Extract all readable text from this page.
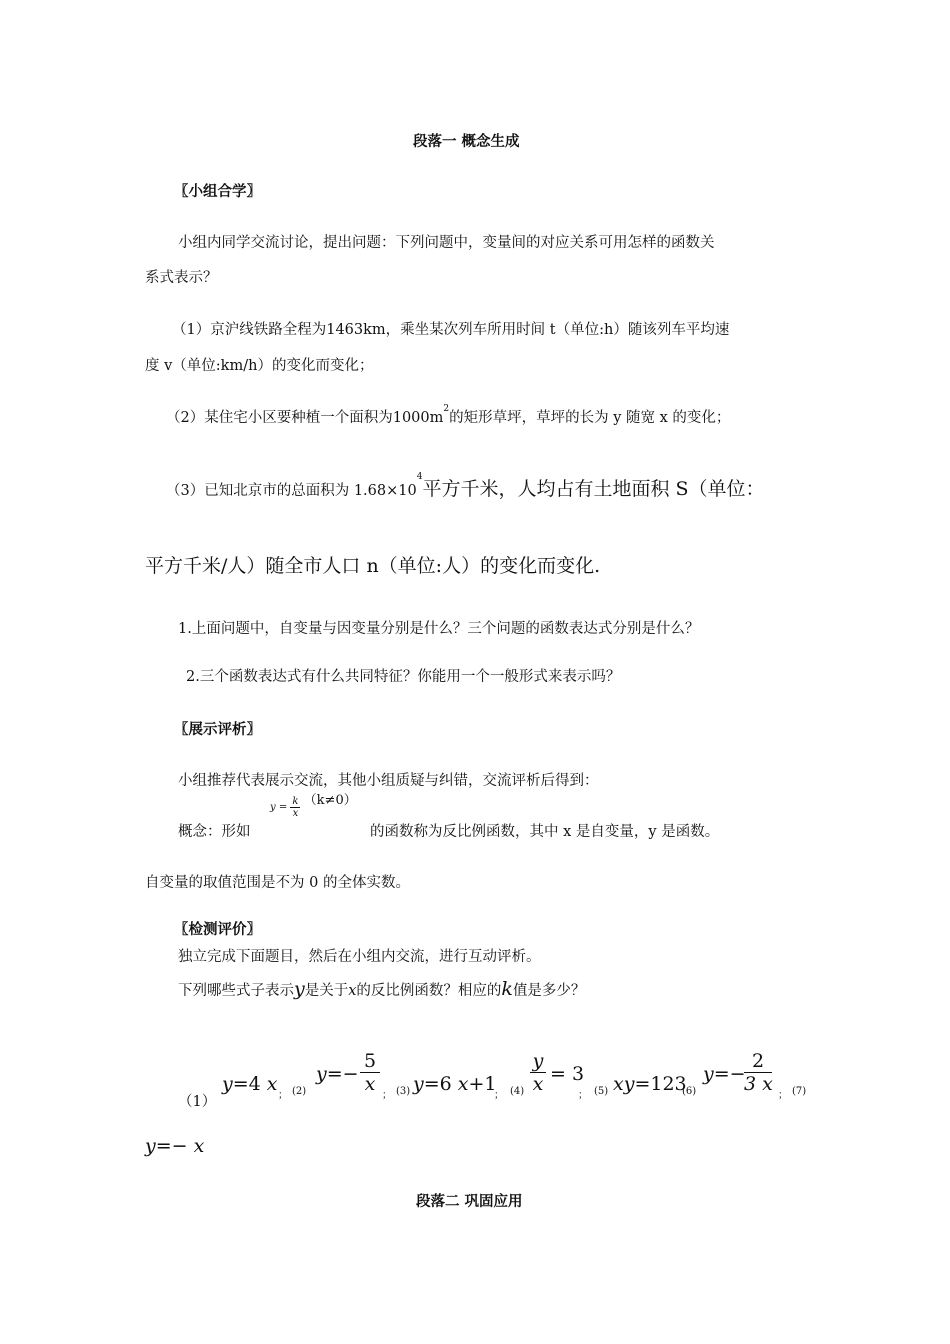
段落一 概念生成
〖小组合学〗
小组内同学交流讨论，提出问题：下列问题中，变量间的对应关系可用怎样的函数关
系式表示？
（1）京沪线铁路全程为1463km，乘坐某次列车所用时间 t（单位:h）随该列车平均速
度 v（单位:km/h）的变化而变化；
（2）某住宅小区要种植一个面积为$1000m^2$的矩形草坪，草坪的长为 y 随宽 x 的变化；
（3）已知北京市的总面积为 $1.68\times 10^4$平方千米，人均占有土地面积 S（单位：
平方千米/人）随全市人口 n（单位:人）的变化而变化.
1.上面问题中，自变量与因变量分别是什么？三个问题的函数表达式分别是什么？
2.三个函数表达式有什么共同特征？你能用一个一般形式来表示吗？
〖展示评析〗
小组推荐代表展示交流，其他小组质疑与纠错，交流评析后得到：
概念：形如
$y = \frac{k}{x} (k\ne 0)$
的函数称为反比例函数，其中 x 是自变量，y 是函数。
自变量的取值范围是不为 0 的全体实数。
〖检测评价〗
独立完成下面题目，然后在小组内交流，进行互动评析。
下列哪些式子表示y是关于x的反比例函数？相应的k值是多少？
（1）
y=4 x
； (2)
$y=- \frac{5}{x}$
； (3) y=6 x+1
； $(4) \frac{y}{x} = 3$
； (5) xy=123
(6)
y=−
$\frac{2}{3 x}$
； (7)
y=− x
段落二 巩固应用
